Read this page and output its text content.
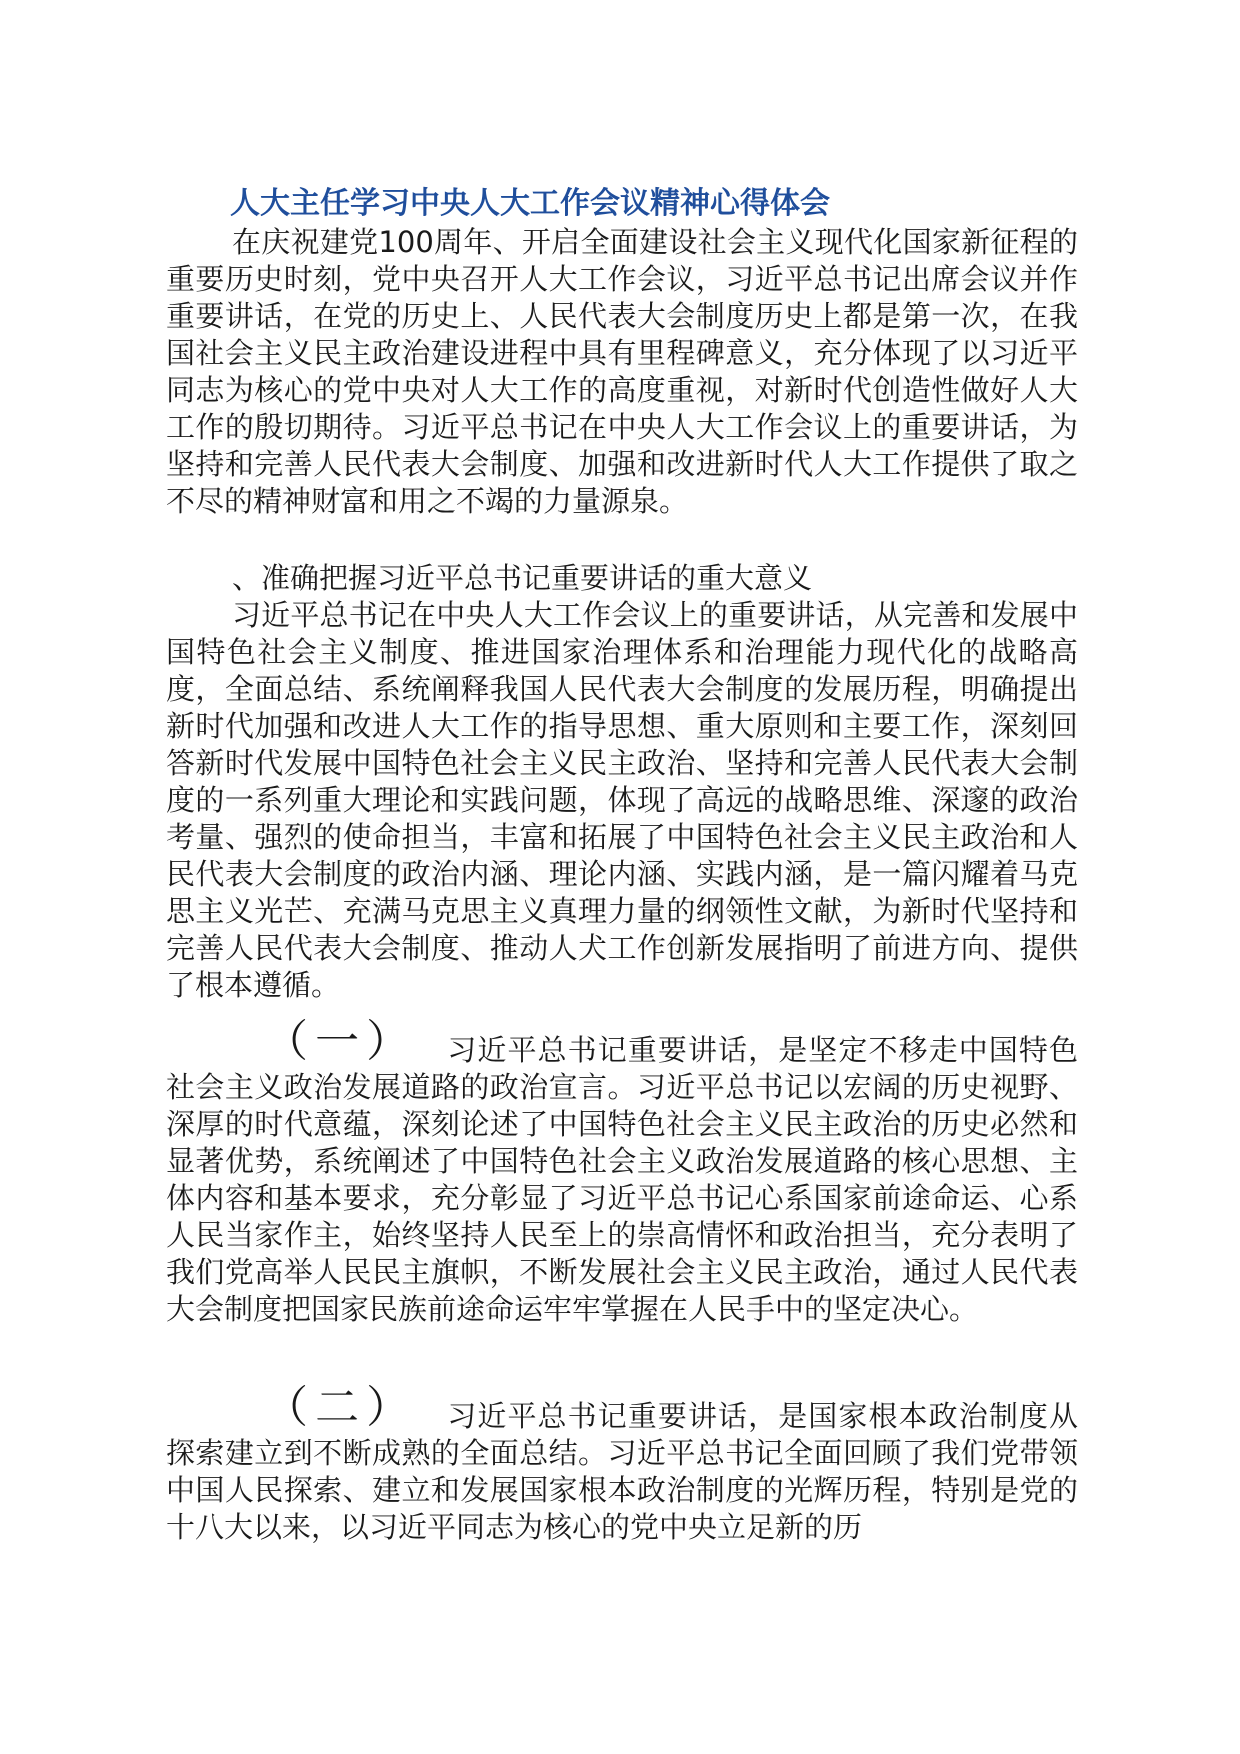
人大主任学习中央人大工作会议精神心得体会

在庆祝建党100周年、开启全面建设社会主义现代化国家新征程的重要历史时刻，党中央召开人大工作会议，习近平总书记出席会议并作重要讲话，在党的历史上、人民代表大会制度历史上都是第一次，在我国社会主义民主政治建设进程中具有里程碑意义，充分体现了以习近平同志为核心的党中央对人大工作的高度重视，对新时代创造性做好人大工作的殷切期待。习近平总书记在中央人大工作会议上的重要讲话，为坚持和完善人民代表大会制度、加强和改进新时代人大工作提供了取之不尽的精神财富和用之不竭的力量源泉。

、准确把握习近平总书记重要讲话的重大意义

习近平总书记在中央人大工作会议上的重要讲话，从完善和发展中国特色社会主义制度、推进国家治理体系和治理能力现代化的战略高度，全面总结、系统阐释我国人民代表大会制度的发展历程，明确提出新时代加强和改进人大工作的指导思想、重大原则和主要工作，深刻回答新时代发展中国特色社会主义民主政治、坚持和完善人民代表大会制度的一系列重大理论和实践问题，体现了高远的战略思维、深邃的政治考量、强烈的使命担当，丰富和拓展了中国特色社会主义民主政治和人民代表大会制度的政治内涵、理论内涵、实践内涵，是一篇闪耀着马克思主义光芒、充满马克思主义真理力量的纲领性文献，为新时代坚持和完善人民代表大会制度、推动人犬工作创新发展指明了前进方向、提供了根本遵循。

（一） 习近平总书记重要讲话，是坚定不移走中国特色社会主义政治发展道路的政治宣言。习近平总书记以宏阔的历史视野、深厚的时代意蕴，深刻论述了中国特色社会主义民主政治的历史必然和显著优势，系统阐述了中国特色社会主义政治发展道路的核心思想、主体内容和基本要求，充分彰显了习近平总书记心系国家前途命运、心系人民当家作主，始终坚持人民至上的崇高情怀和政治担当，充分表明了我们党高举人民民主旗帜，不断发展社会主义民主政治，通过人民代表大会制度把国家民族前途命运牢牢掌握在人民手中的坚定决心。

（二） 习近平总书记重要讲话，是国家根本政治制度从探索建立到不断成熟的全面总结。习近平总书记全面回顾了我们党带领中国人民探索、建立和发展国家根本政治制度的光辉历程，特别是党的十八大以来，以习近平同志为核心的党中央立足新的历
